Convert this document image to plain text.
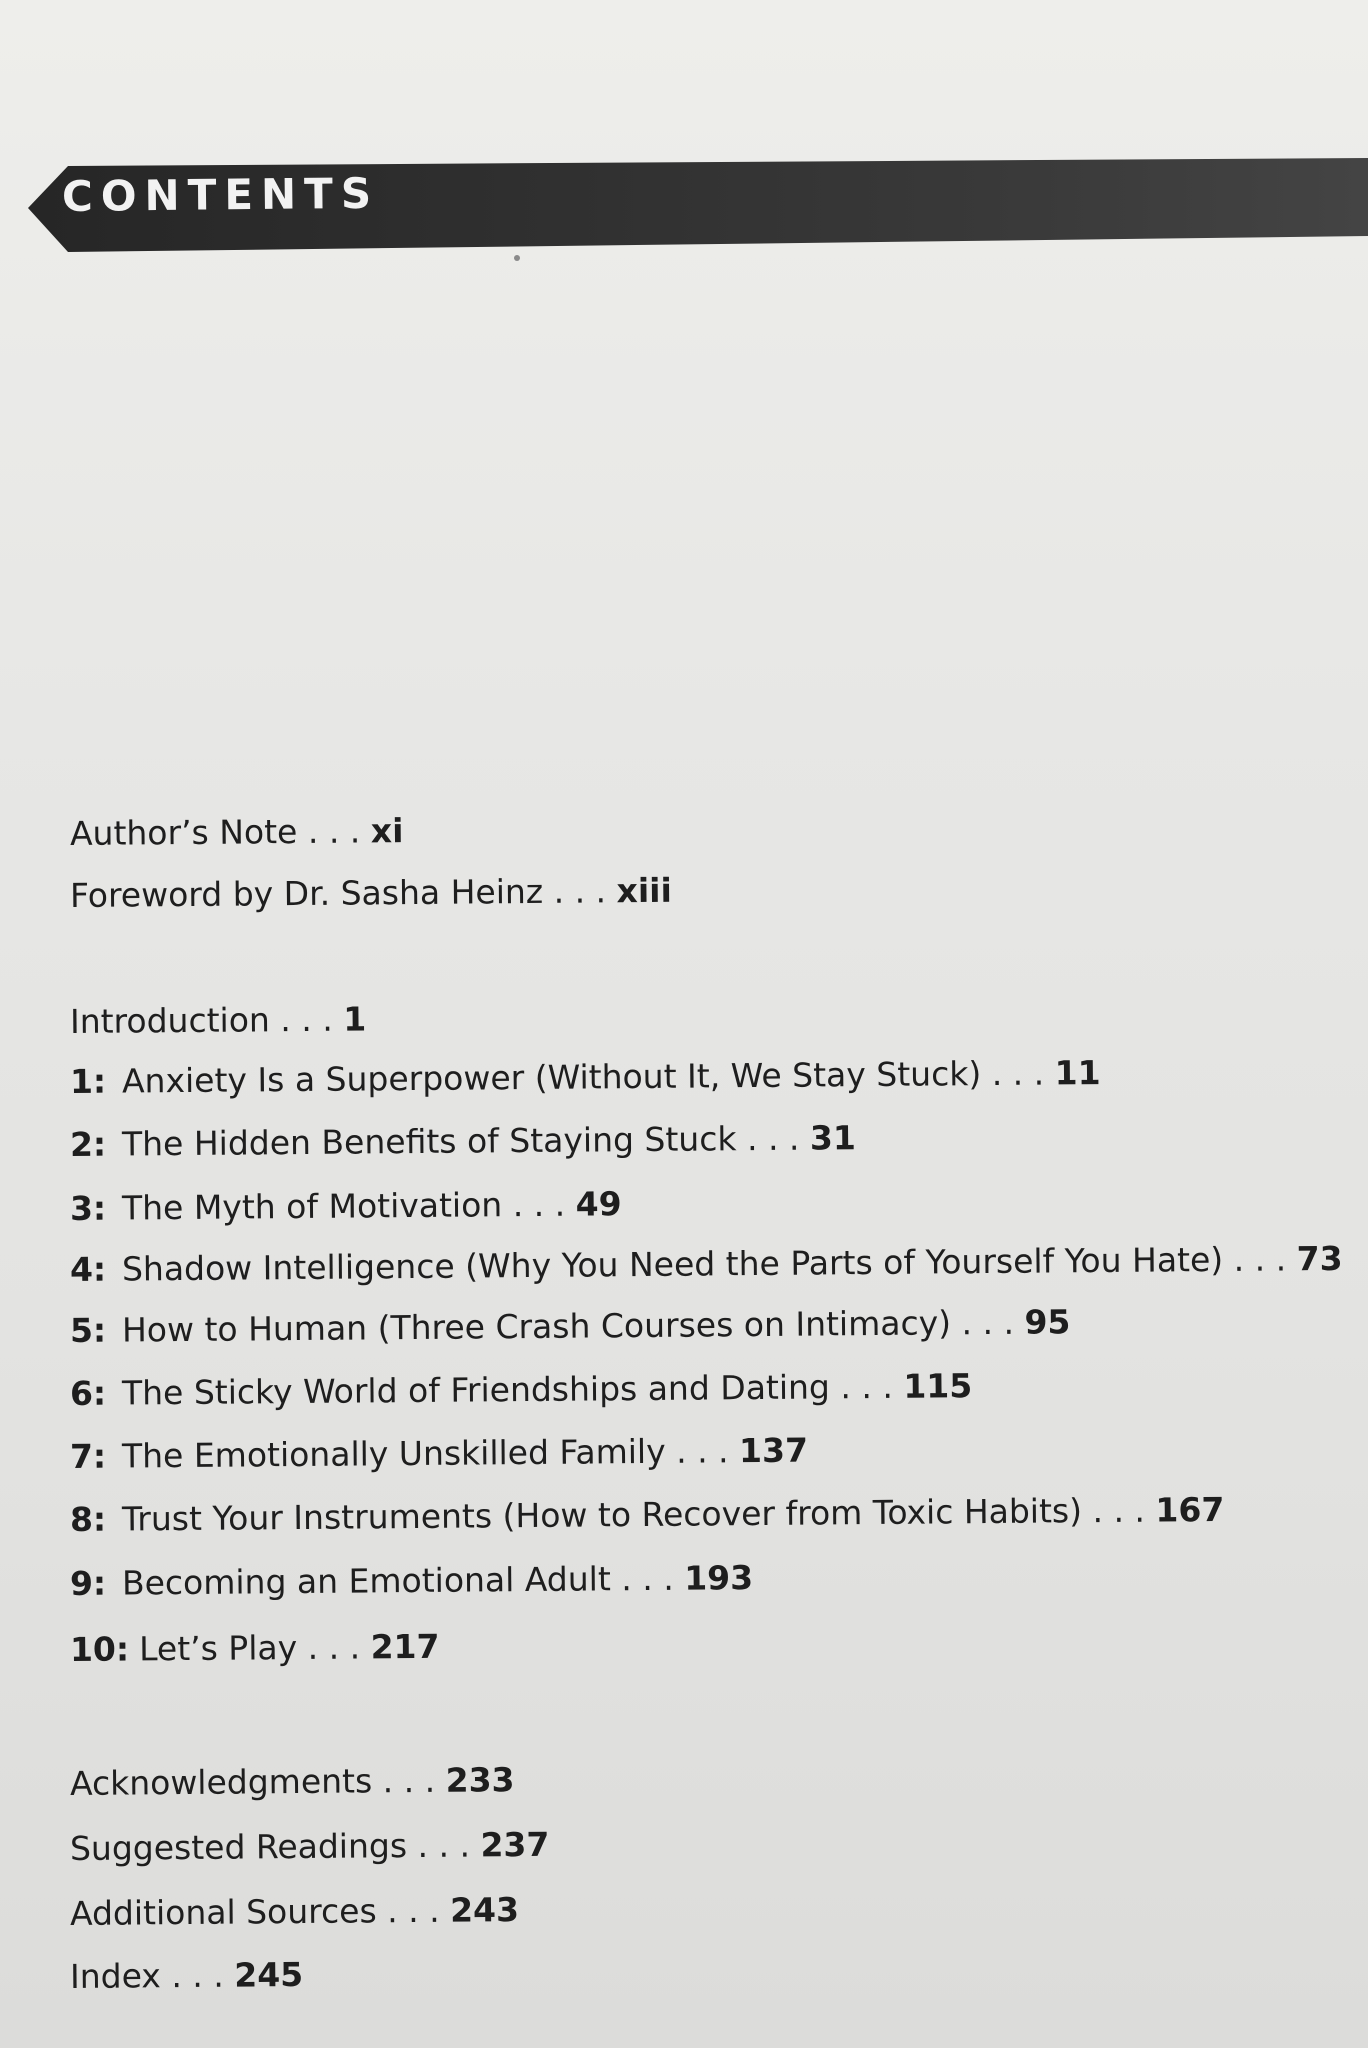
CONTENTS
Author’s Note . . . xi
Foreword by Dr. Sasha Heinz . . . xiii
Introduction . . . 1
1: Anxiety Is a Superpower (Without It, We Stay Stuck) . . . 11
2: The Hidden Benefits of Staying Stuck . . . 31
3: The Myth of Motivation . . . 49
4: Shadow Intelligence (Why You Need the Parts of Yourself You Hate) . . . 73
5: How to Human (Three Crash Courses on Intimacy) . . . 95
6: The Sticky World of Friendships and Dating . . . 115
7: The Emotionally Unskilled Family . . . 137
8: Trust Your Instruments (How to Recover from Toxic Habits) . . . 167
9: Becoming an Emotional Adult . . . 193
10: Let’s Play . . . 217
Acknowledgments . . . 233
Suggested Readings . . . 237
Additional Sources . . . 243
Index . . . 245
